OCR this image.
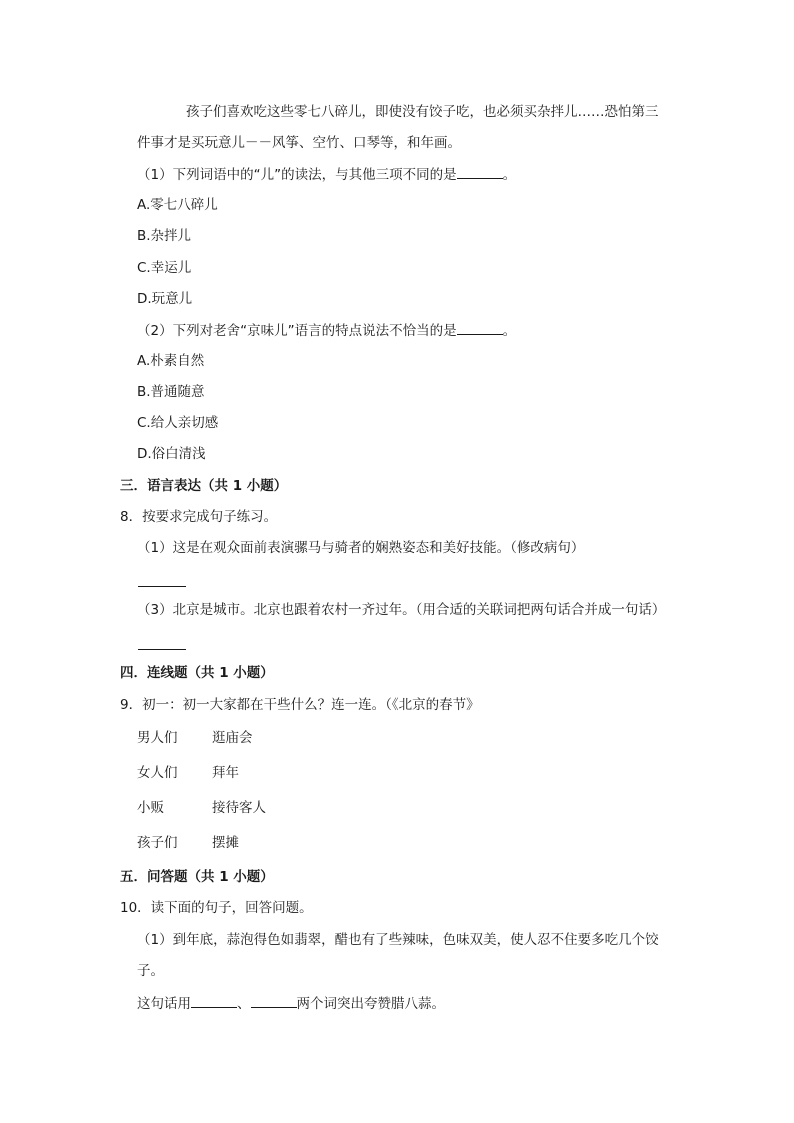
孩子们喜欢吃这些零七八碎儿，即使没有饺子吃，也必须买杂拌儿……恐怕第三
件事才是买玩意儿－－风筝、空竹、口琴等，和年画。
（1）下列词语中的“儿”的读法，与其他三项不同的是	。
A.零七八碎儿
B.杂拌儿
C.幸运儿
D.玩意儿
（2）下列对老舍“京味儿”语言的特点说法不恰当的是	。
A.朴素自然
B.普通随意
C.给人亲切感
D.俗白清浅
三．语言表达（共 1 小题）
8．按要求完成句子练习。
（1）这是在观众面前表演骡马与骑者的娴熟姿态和美好技能。（修改病句）
（3）北京是城市。北京也跟着农村一齐过年。（用合适的关联词把两句话合并成一句话）
四．连线题（共 1 小题）
9．初一：初一大家都在干些什么？连一连。（《北京的春节》
男人们	逛庙会
女人们	拜年
小贩	接待客人
孩子们	摆摊
五．问答题（共 1 小题）
10．读下面的句子，回答问题。
（1）到年底，蒜泡得色如翡翠，醋也有了些辣味，色味双美，使人忍不住要多吃几个饺
子。
这句话用	、	两个词突出夸赞腊八蒜。
